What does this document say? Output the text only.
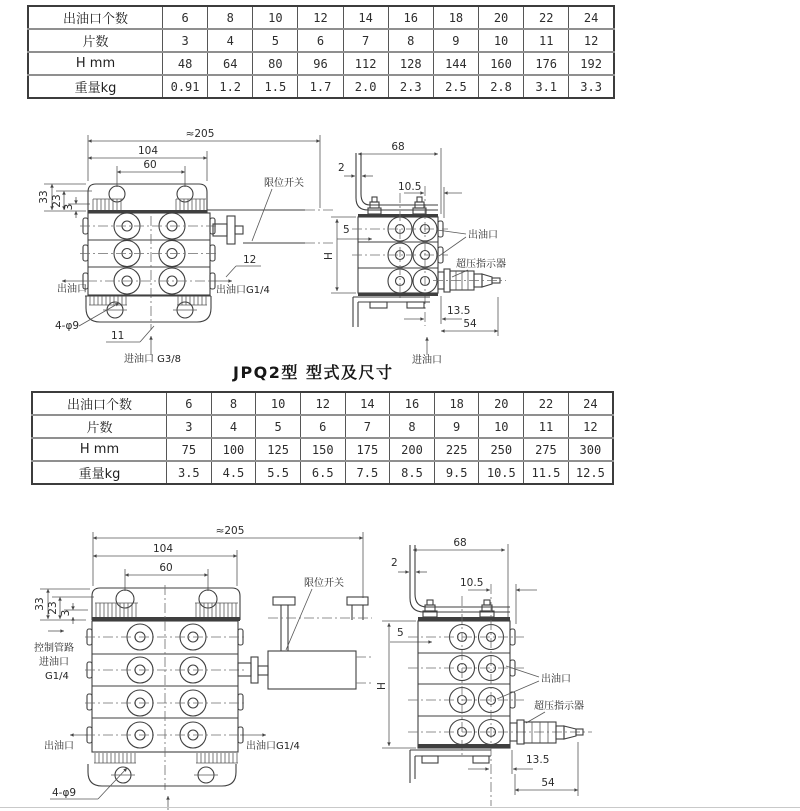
出油口个数	6	8	10	12	14	16	18	20	22	24
片数	3	4	5	6	7	8	9	10	11	12
H mm	48	64	80	96	112	128	144	160	176	192
重量kg	0.91	1.2	1.5	1.7	2.0	2.3	2.5	2.8	3.1	3.3
≈205
104
60
33 23 3
出油口	出油口G1/4
12
4-φ9
11
进油口 G3/8
限位开关
68
2
10.5
5
H
出油口
超压指示器
13.5
54
进油口
JPQ2型 型式及尺寸
出油口个数	6	8	10	12	14	16	18	20	22	24
片数	3	4	5	6	7	8	9	10	11	12
H mm	75	100	125	150	175	200	225	250	275	300
重量kg	3.5	4.5	5.5	6.5	7.5	8.5	9.5	10.5	11.5	12.5
≈205
104
60
33 23 3
控制管路
进油口
G1/4
出油口	出油口G1/4
限位开关
4-φ9
68
2
10.5
5
H
出油口
超压指示器
13.5
54
